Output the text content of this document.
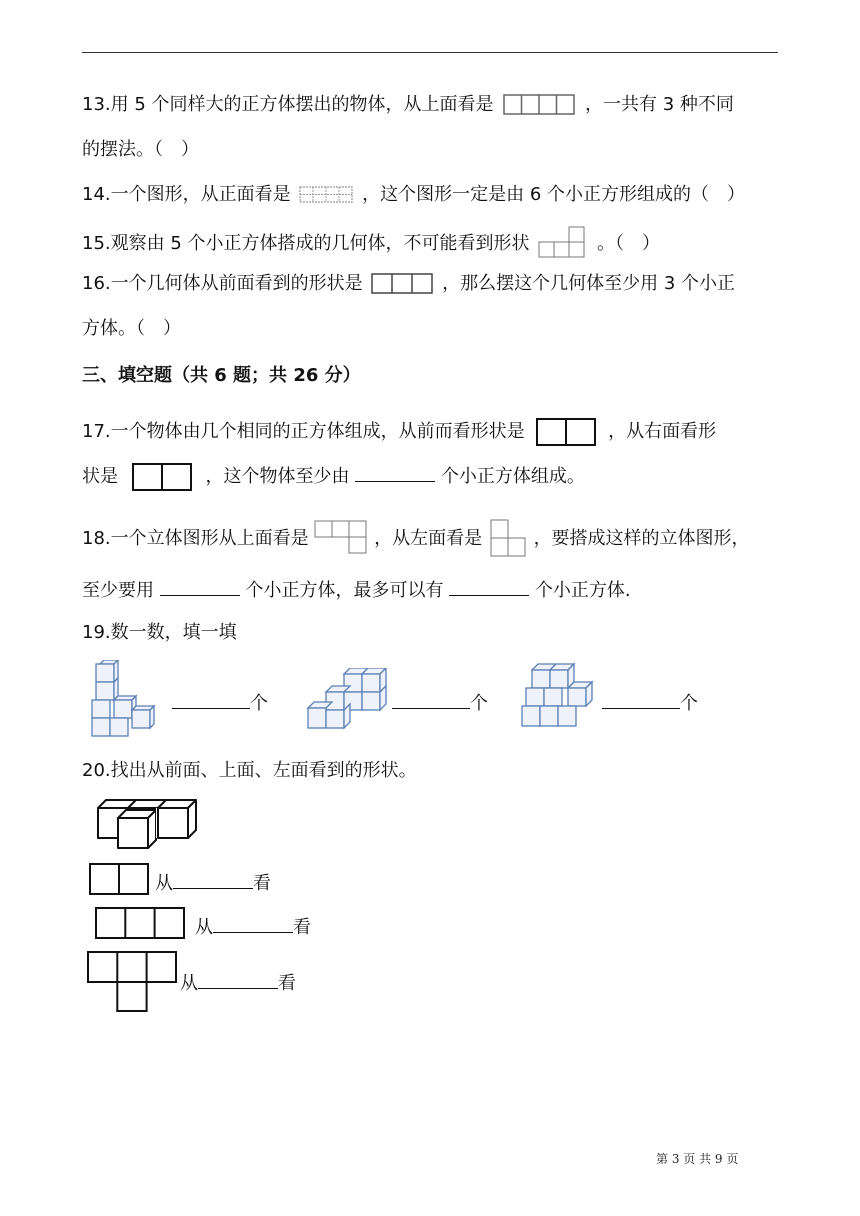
13.用 5 个同样大的正方体摆出的物体，从上面看是	，一共有 3 种不同
的摆法。（　）
14.一个图形，从正面看是	，这个图形一定是由 6 个小正方形组成的（　）
15.观察由 5 个小正方体搭成的几何体，不可能看到形状	。（　）
16.一个几何体从前面看到的形状是	，那么摆这个几何体至少用 3 个小正
方体。（　）
三、填空题（共 6 题；共 26 分）
17.一个物体由几个相同的正方体组成，从前而看形状是	，从右面看形
状是	，这个物体至少由	个小正方体组成。
18.一个立体图形从上面看是	，从左面看是	，要搭成这样的立体图形，
至少要用	个小正方体，最多可以有	个小正方体.
19.数一数，填一填
个	个	个
20.找出从前面、上面、左面看到的形状。
从	看
从	看
从	看
第 3 页 共 9 页
